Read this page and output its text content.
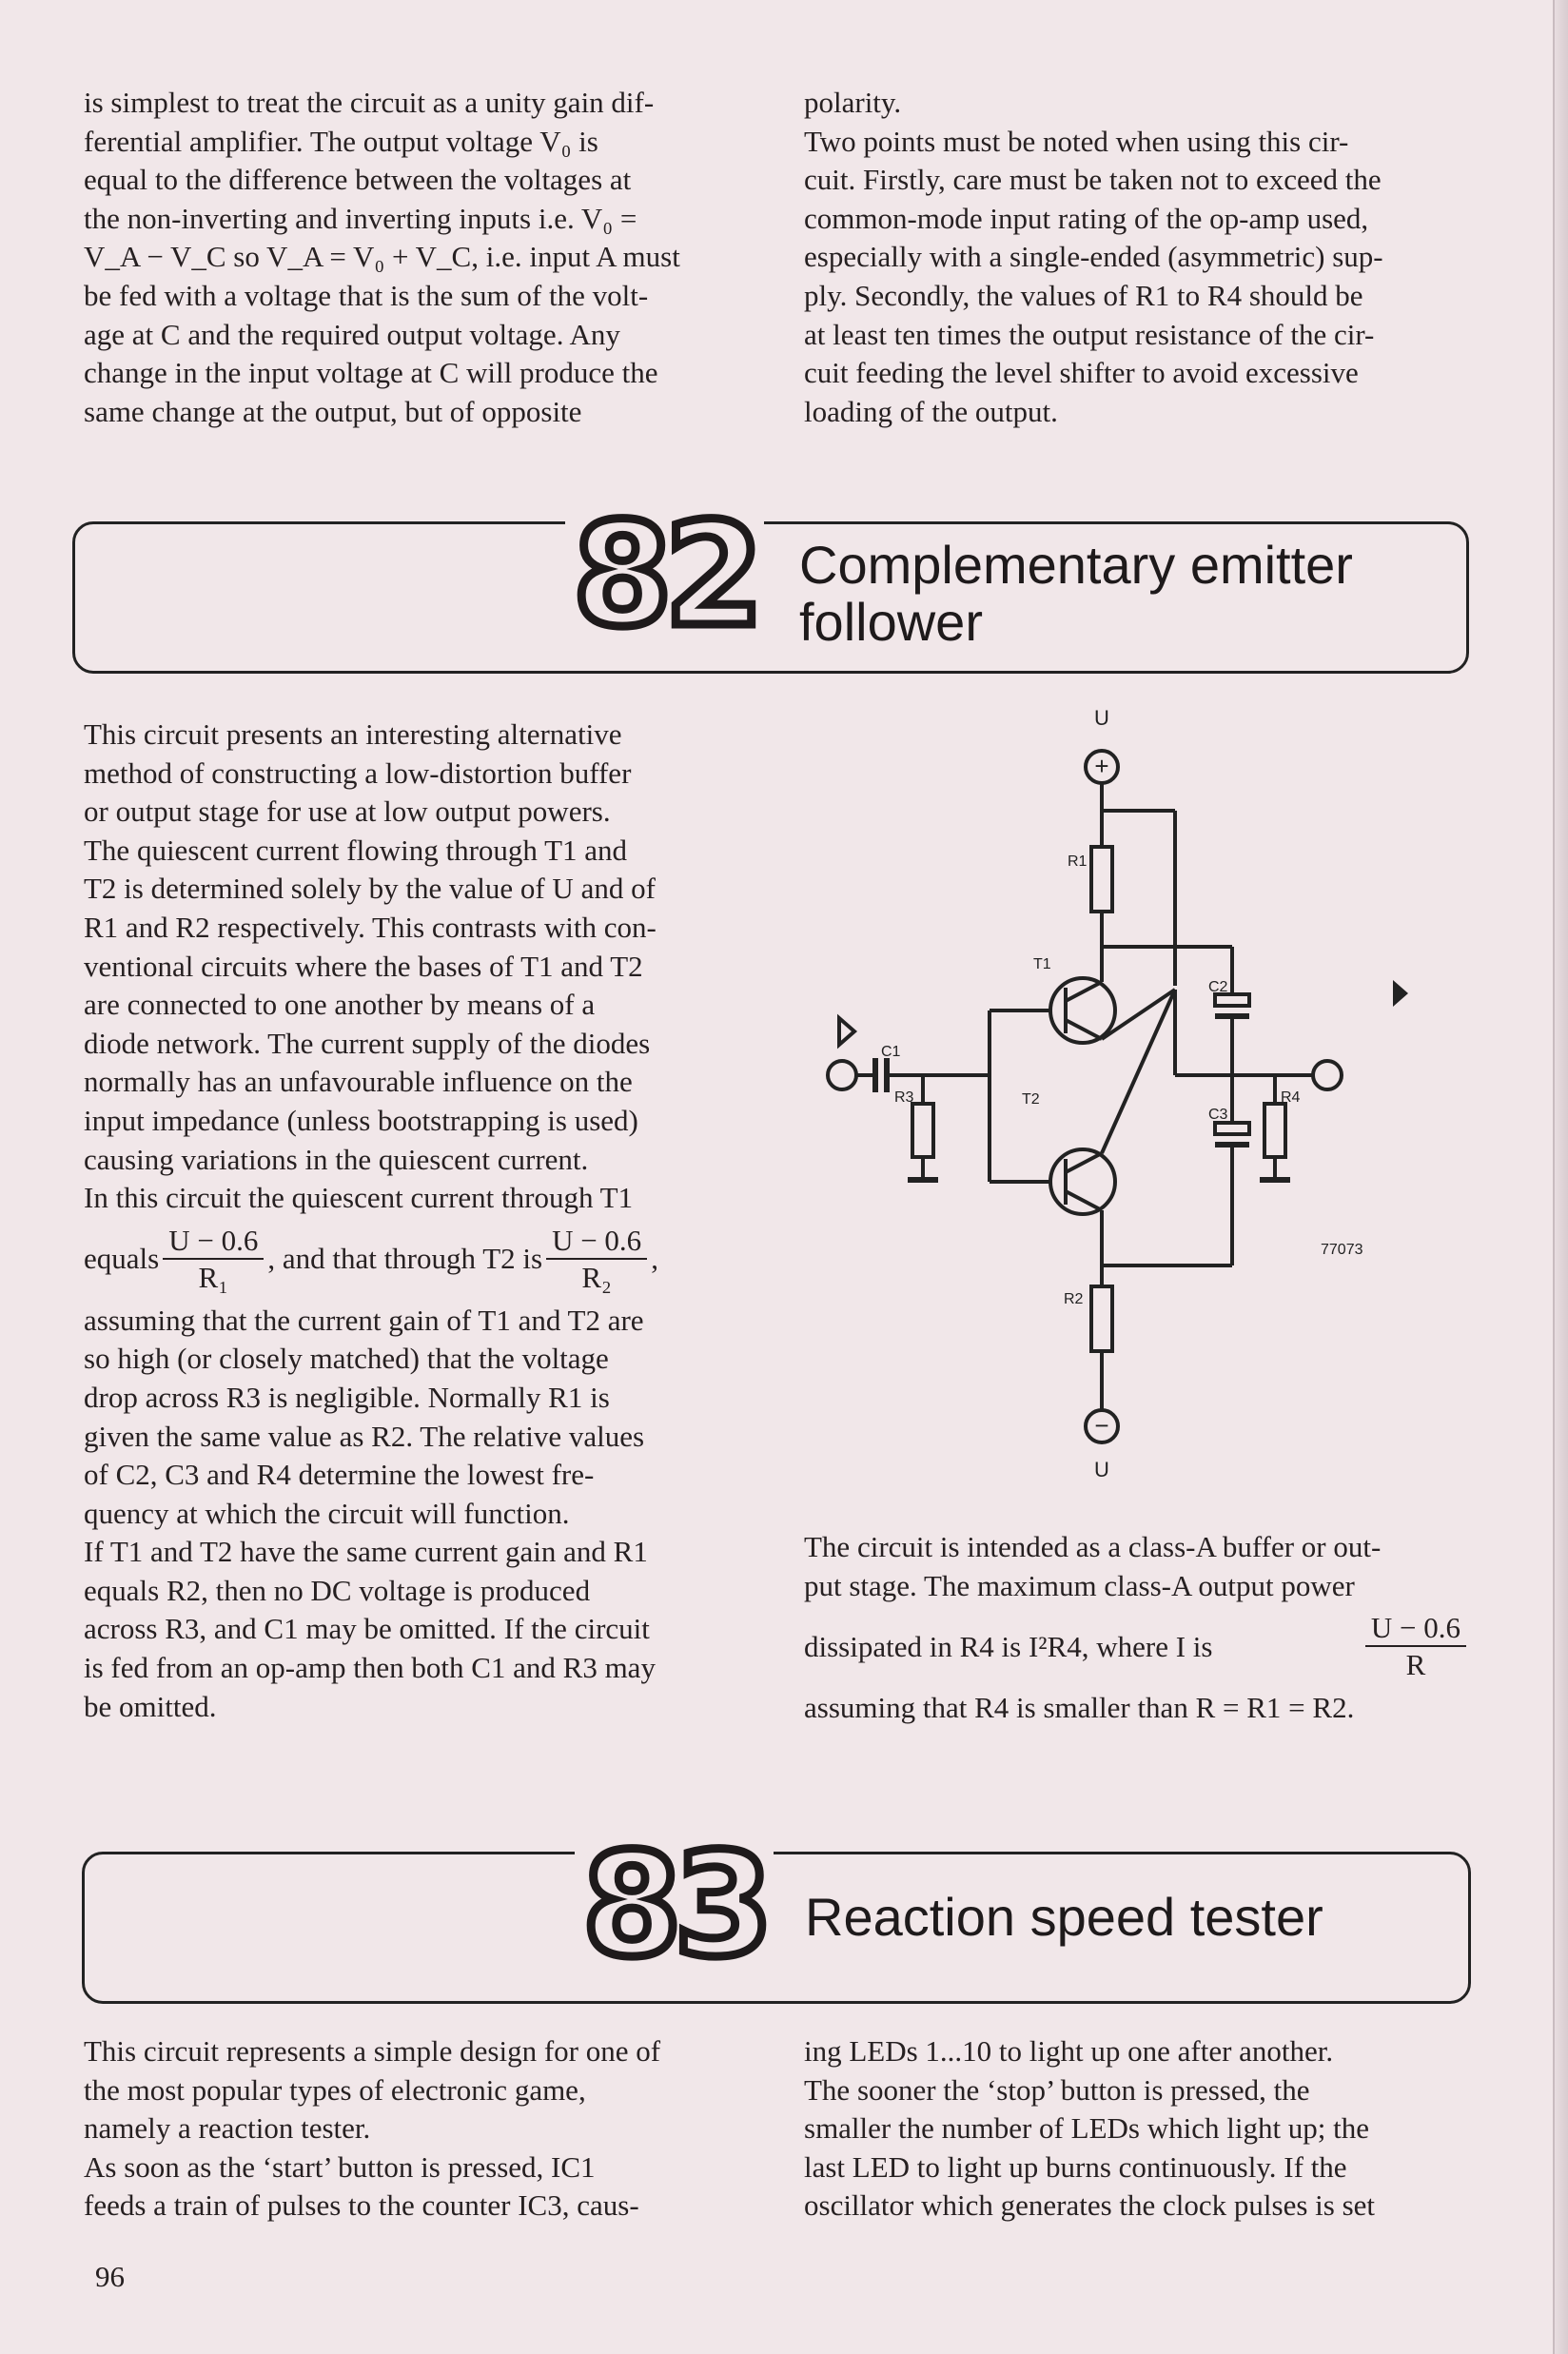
is simplest to treat the circuit as a unity gain dif-

ferential amplifier. The output voltage V₀ is

equal to the difference between the voltages at

the non-inverting and inverting inputs i.e. V₀ =

V_A − V_C so V_A = V₀ + V_C, i.e. input A must

be fed with a voltage that is the sum of the volt-

age at C and the required output voltage. Any

change in the input voltage at C will produce the

same change at the output, but of opposite

polarity.

Two points must be noted when using this cir-

cuit. Firstly, care must be taken not to exceed the

common-mode input rating of the op-amp used,

especially with a single-ended (asymmetric) sup-

ply. Secondly, the values of R1 to R4 should be

at least ten times the output resistance of the cir-

cuit feeding the level shifter to avoid excessive

loading of the output.

82 Complementary emitter
follower

This circuit presents an interesting alternative

method of constructing a low-distortion buffer

or output stage for use at low output powers.

The quiescent current flowing through T1 and

T2 is determined solely by the value of U and of

R1 and R2 respectively. This contrasts with con-

ventional circuits where the bases of T1 and T2

are connected to one another by means of a

diode network. The current supply of the diodes

normally has an unfavourable influence on the

input impedance (unless bootstrapping is used)

causing variations in the quiescent current.

In this circuit the quiescent current through T1

equals $\frac{U - 0.6}{\text{R₁}}$ , and that through T2 is $\frac{U - 0.6}{\text{R₂}}$ ,

assuming that the current gain of T1 and T2 are

so high (or closely matched) that the voltage

drop across R3 is negligible. Normally R1 is

given the same value as R2. The relative values

of C2, C3 and R4 determine the lowest fre-

quency at which the circuit will function.

If T1 and T2 have the same current gain and R1

equals R2, then no DC voltage is produced

across R3, and C1 may be omitted. If the circuit

is fed from an op-amp then both C1 and R3 may

be omitted.

U
+
−
U
R1
R2
R3	R4
C1
C2
C3
T1
T2
77073

The circuit is intended as a class-A buffer or out-

put stage. The maximum class-A output power

dissipated in R4 is I²R4, where I is	$\frac{U - 0.6}{R}$

assuming that R4 is smaller than R = R1 = R2.

83 Reaction speed tester

This circuit represents a simple design for one of

the most popular types of electronic game,

namely a reaction tester.

As soon as the ‘start’ button is pressed, IC1

feeds a train of pulses to the counter IC3, caus-

ing LEDs 1...10 to light up one after another.

The sooner the ‘stop’ button is pressed, the

smaller the number of LEDs which light up; the

last LED to light up burns continuously. If the

oscillator which generates the clock pulses is set

96
